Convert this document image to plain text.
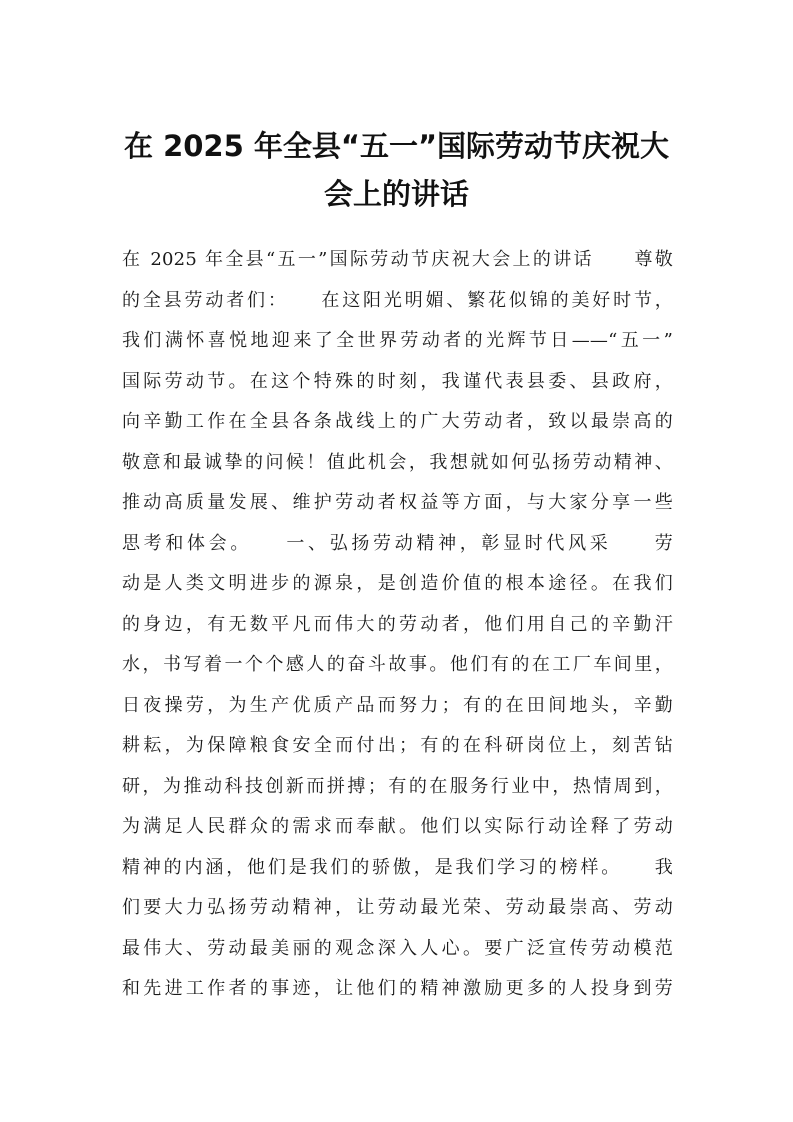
在 2025 年全县“五一”国际劳动节庆祝大
会上的讲话
在 2025 年全县“五一”国际劳动节庆祝大会上的讲话　　尊敬
的全县劳动者们：　　在这阳光明媚、繁花似锦的美好时节，
我们满怀喜悦地迎来了全世界劳动者的光辉节日——“五一”
国际劳动节。在这个特殊的时刻，我谨代表县委、县政府，
向辛勤工作在全县各条战线上的广大劳动者，致以最崇高的
敬意和最诚挚的问候！值此机会，我想就如何弘扬劳动精神、
推动高质量发展、维护劳动者权益等方面，与大家分享一些
思考和体会。　　一、弘扬劳动精神，彰显时代风采　　劳
动是人类文明进步的源泉，是创造价值的根本途径。在我们
的身边，有无数平凡而伟大的劳动者，他们用自己的辛勤汗
水，书写着一个个感人的奋斗故事。他们有的在工厂车间里，
日夜操劳，为生产优质产品而努力；有的在田间地头，辛勤
耕耘，为保障粮食安全而付出；有的在科研岗位上，刻苦钻
研，为推动科技创新而拼搏；有的在服务行业中，热情周到，
为满足人民群众的需求而奉献。他们以实际行动诠释了劳动
精神的内涵，他们是我们的骄傲，是我们学习的榜样。　　我
们要大力弘扬劳动精神，让劳动最光荣、劳动最崇高、劳动
最伟大、劳动最美丽的观念深入人心。要广泛宣传劳动模范
和先进工作者的事迹，让他们的精神激励更多的人投身到劳
